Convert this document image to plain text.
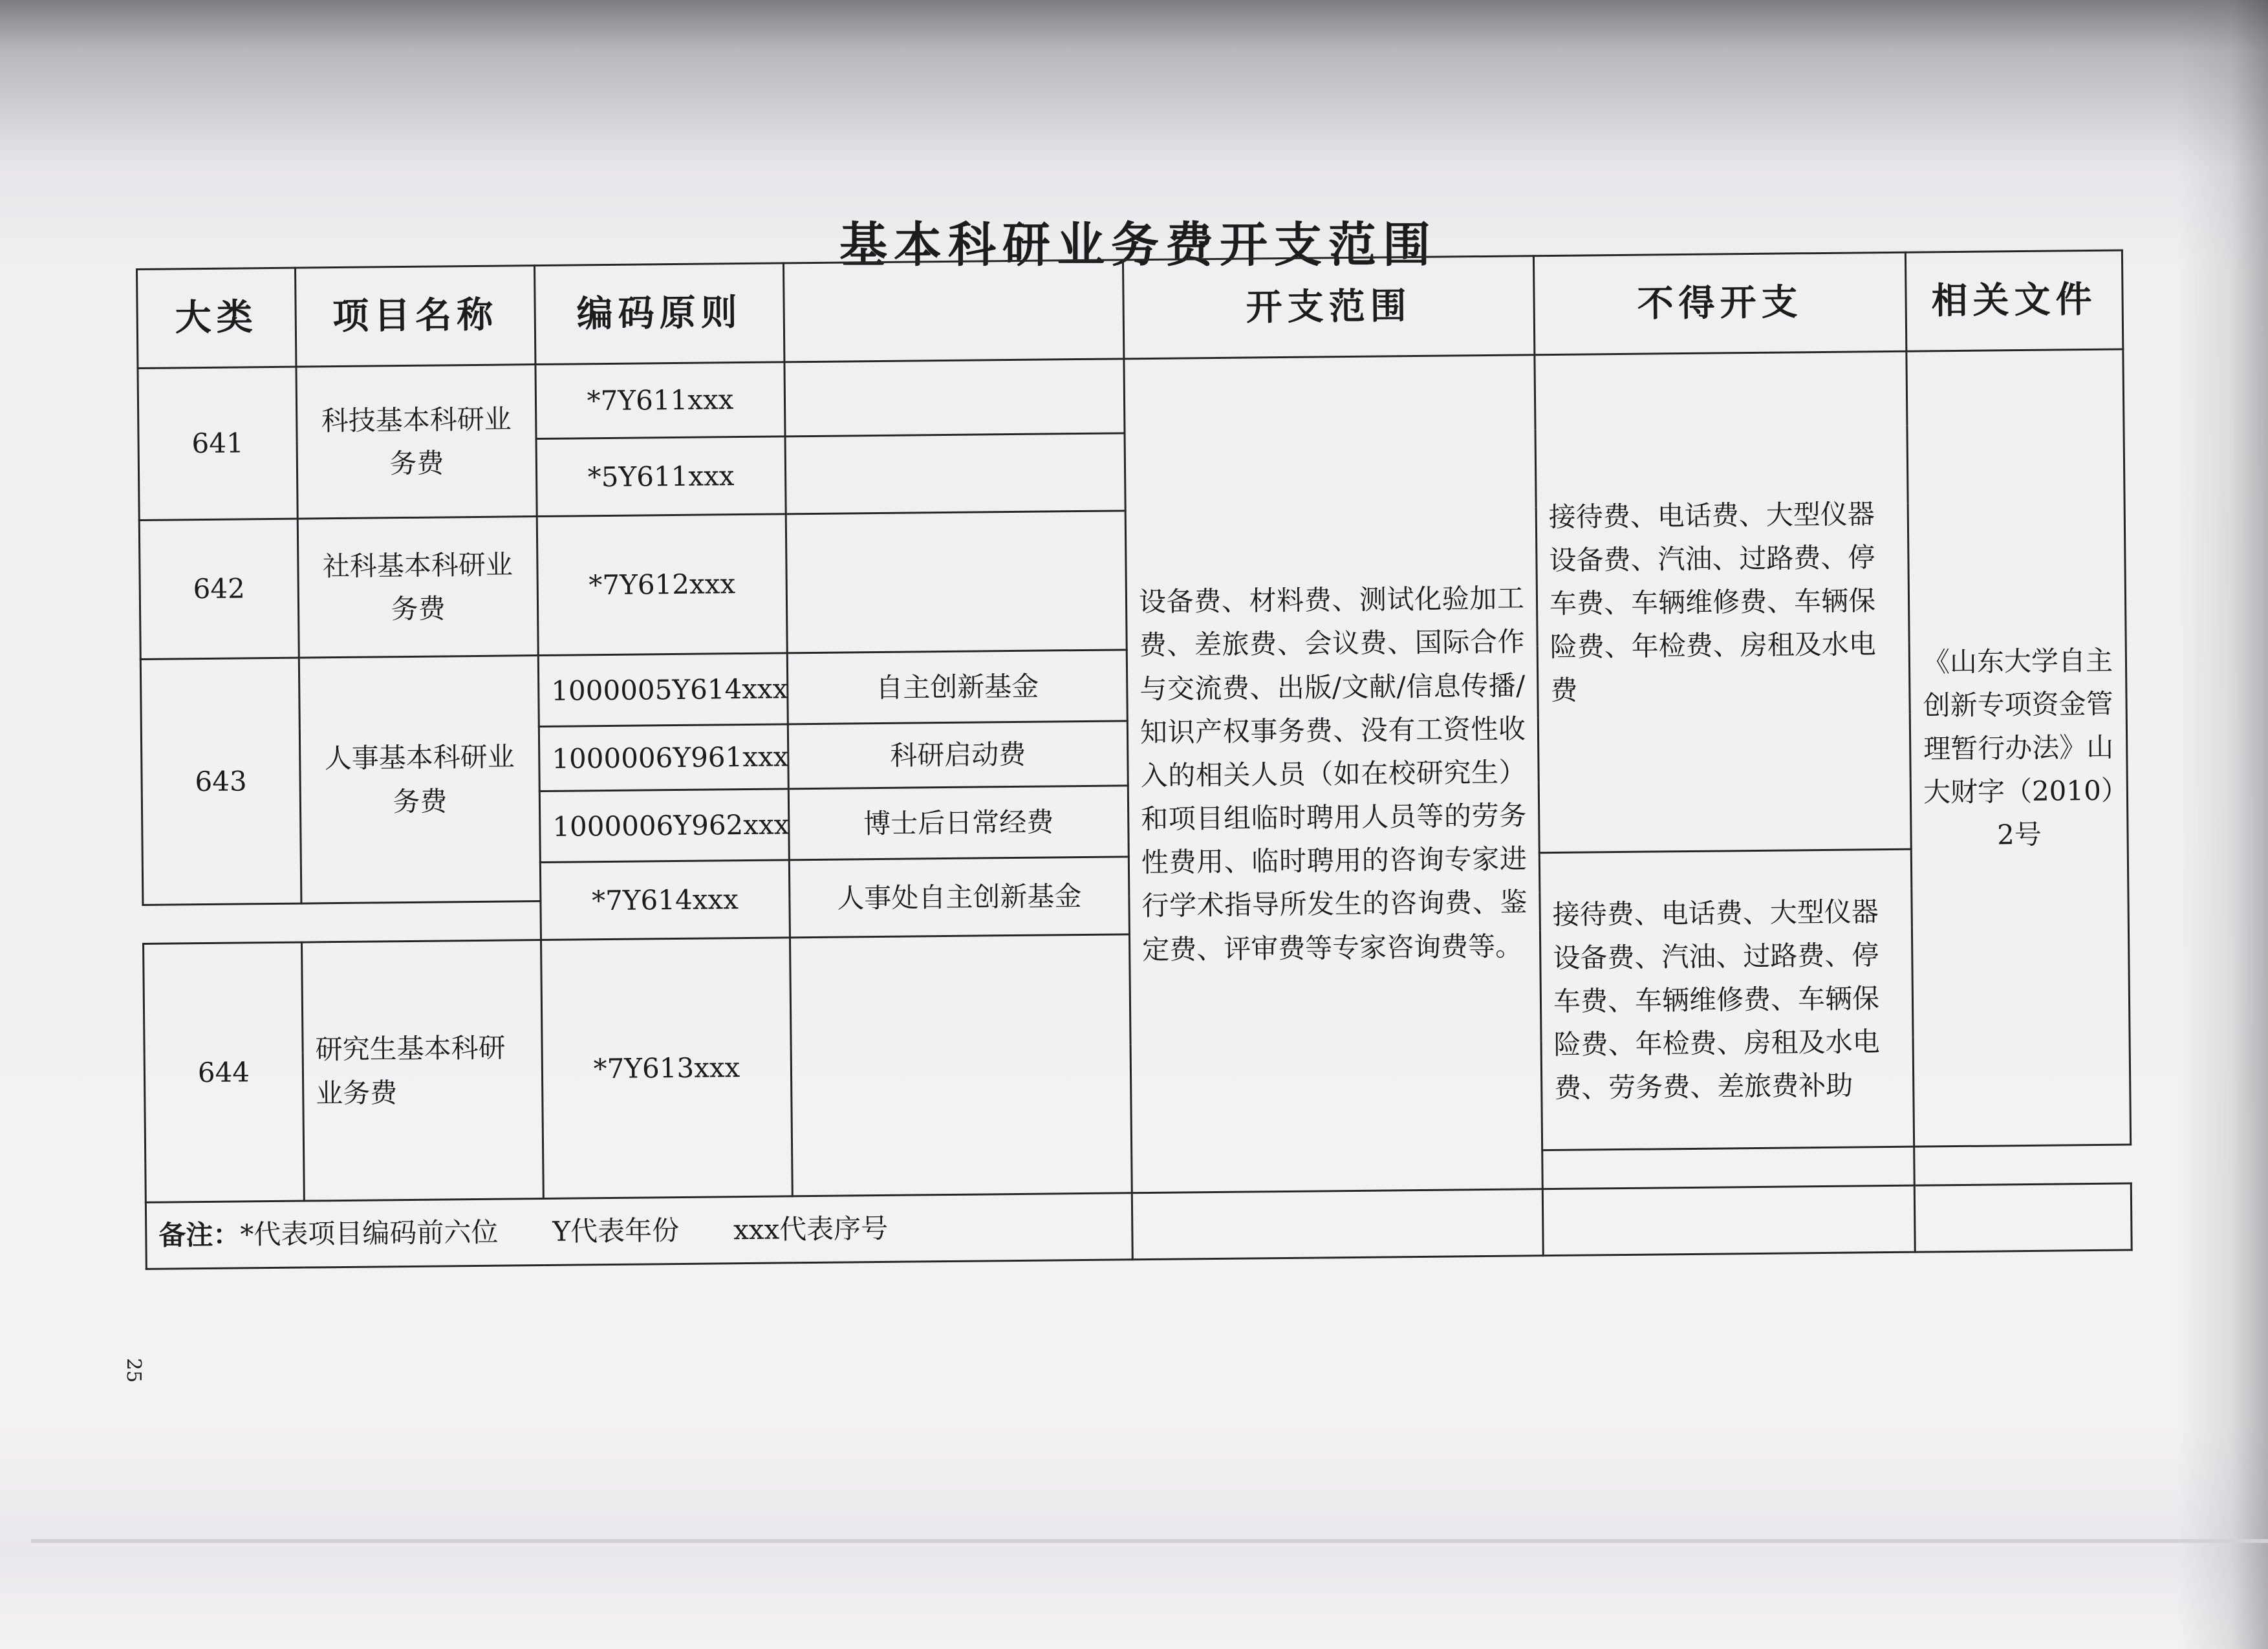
基本科研业务费开支范围
大类	项目名称	编码原则		开支范围	不得开支	相关文件
641	科技基本科研业务费	*7Y611xxx		设备费、材料费、测试化验加工费、差旅费、会议费、国际合作与交流费、出版/文献/信息传播/知识产权事务费、没有工资性收入的相关人员（如在校研究生）和项目组临时聘用人员等的劳务性费用、临时聘用的咨询专家进行学术指导所发生的咨询费、鉴定费、评审费等专家咨询费等。	接待费、电话费、大型仪器设备费、汽油、过路费、停车费、车辆维修费、车辆保险费、年检费、房租及水电费	《山东大学自主创新专项资金管理暂行办法》山大财字（2010）2号
		*5Y611xxx				
642	社科基本科研业务费	*7Y612xxx				
643	人事基本科研业务费	1000005Y614xxx	自主创新基金			
		1000006Y961xxx	科研启动费			
		1000006Y962xxx	博士后日常经费			
		*7Y614xxx	人事处自主创新基金		接待费、电话费、大型仪器设备费、汽油、过路费、停车费、车辆维修费、车辆保险费、年检费、房租及水电费、劳务费、差旅费补助	

644	研究生基本科研业务费	*7Y613xxx				

备注：*代表项目编码前六位   Y代表年份   xxx代表序号						
25
